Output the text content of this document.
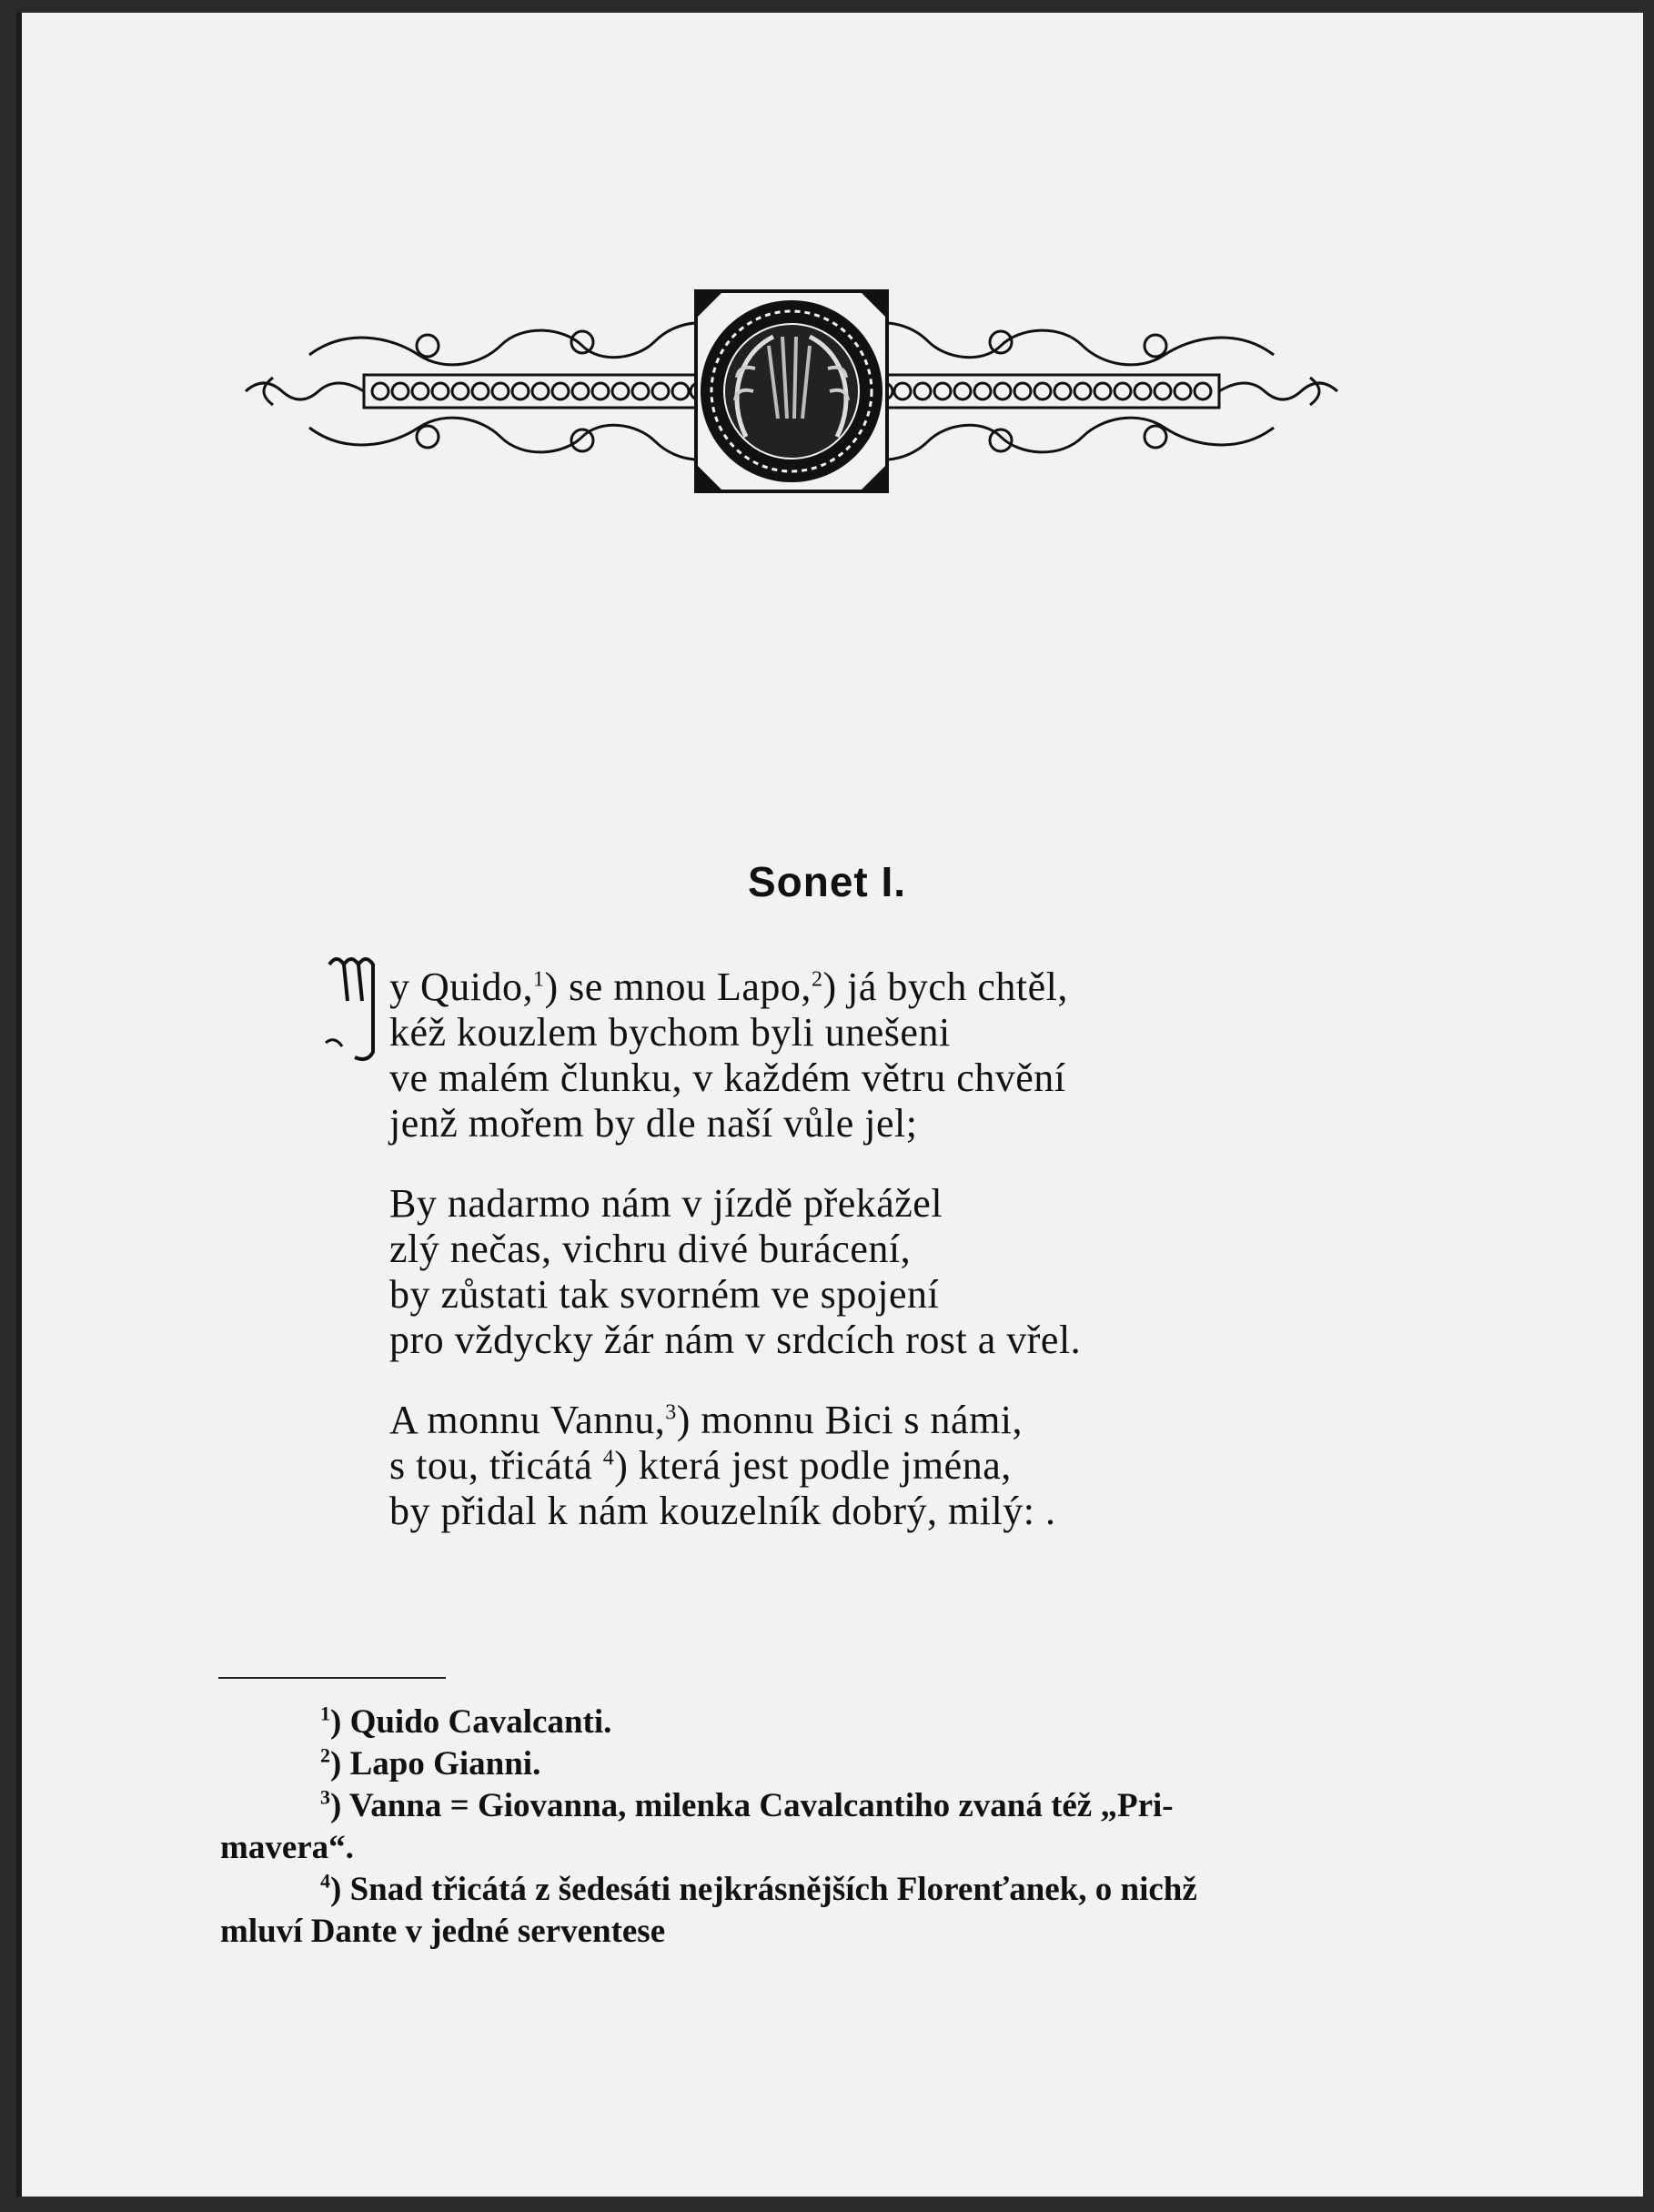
Sonet I.
y Quido,$^1$) se mnou Lapo,$^2$) já bych chtěl,
kéž kouzlem bychom byli unešeni
ve malém člunku, v každém větru chvění
jenž mořem by dle naší vůle jel;
By nadarmo nám v jízdě překážel
zlý nečas, vichru divé burácení,
by zůstati tak svorném ve spojení
pro vždycky žár nám v srdcích rost a vřel.
A monnu Vannu,$^3$) monnu Bici s námi,
s tou, třicátá $^4$) která jest podle jména,
by přidal k nám kouzelník dobrý, milý: .
$^1$) Quido Cavalcanti.
$^2$) Lapo Gianni.
$^3$) Vanna = Giovanna, milenka Cavalcantiho zvaná též „Pri-
mavera“.
$^4$) Snad třicátá z šedesáti nejkrásnějších Florenťanek, o nichž
mluví Dante v jedné serventese
